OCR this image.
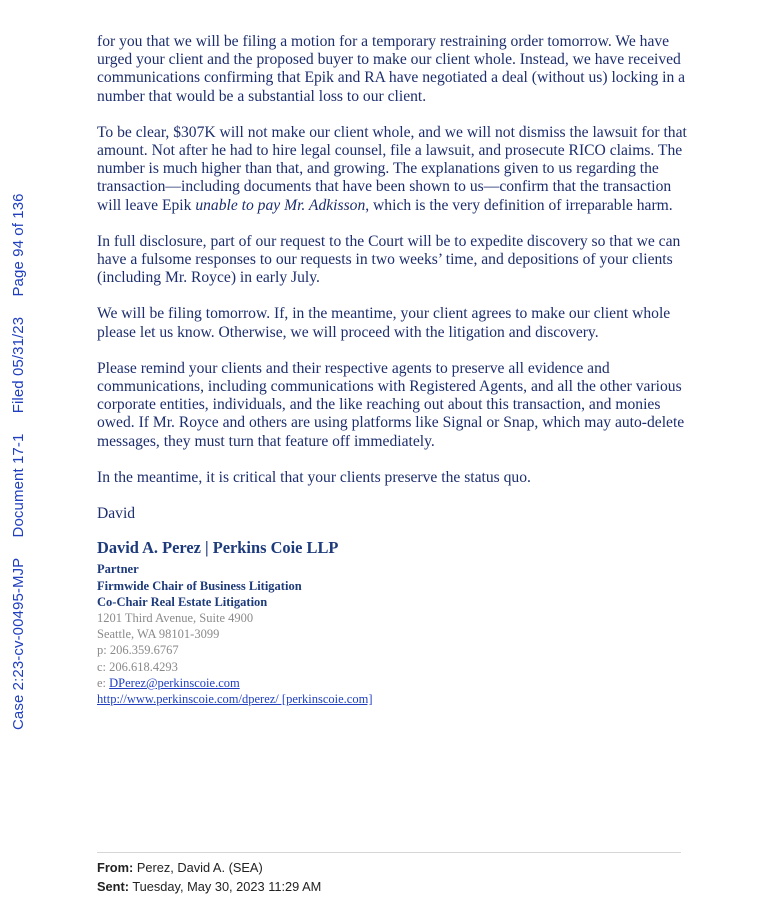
Case 2:23-cv-00495-MJP Document 17-1 Filed 05/31/23 Page 94 of 136

for you that we will be filing a motion for a temporary restraining order tomorrow. We have urged your client and the proposed buyer to make our client whole. Instead, we have received communications confirming that Epik and RA have negotiated a deal (without us) locking in a number that would be a substantial loss to our client.

To be clear, $307K will not make our client whole, and we will not dismiss the lawsuit for that amount. Not after he had to hire legal counsel, file a lawsuit, and prosecute RICO claims. The number is much higher than that, and growing. The explanations given to us regarding the transaction—including documents that have been shown to us—confirm that the transaction will leave Epik unable to pay Mr. Adkisson, which is the very definition of irreparable harm.

In full disclosure, part of our request to the Court will be to expedite discovery so that we can have a fulsome responses to our requests in two weeks’ time, and depositions of your clients (including Mr. Royce) in early July.

We will be filing tomorrow. If, in the meantime, your client agrees to make our client whole please let us know. Otherwise, we will proceed with the litigation and discovery.

Please remind your clients and their respective agents to preserve all evidence and communications, including communications with Registered Agents, and all the other various corporate entities, individuals, and the like reaching out about this transaction, and monies owed. If Mr. Royce and others are using platforms like Signal or Snap, which may auto-delete messages, they must turn that feature off immediately.

In the meantime, it is critical that your clients preserve the status quo.

David

David A. Perez | Perkins Coie LLP
Partner
Firmwide Chair of Business Litigation
Co-Chair Real Estate Litigation
1201 Third Avenue, Suite 4900
Seattle, WA 98101-3099
p: 206.359.6767
c: 206.618.4293
e: DPerez@perkinscoie.com
http://www.perkinscoie.com/dperez/ [perkinscoie.com]
From: Perez, David A. (SEA)
Sent: Tuesday, May 30, 2023 11:29 AM
